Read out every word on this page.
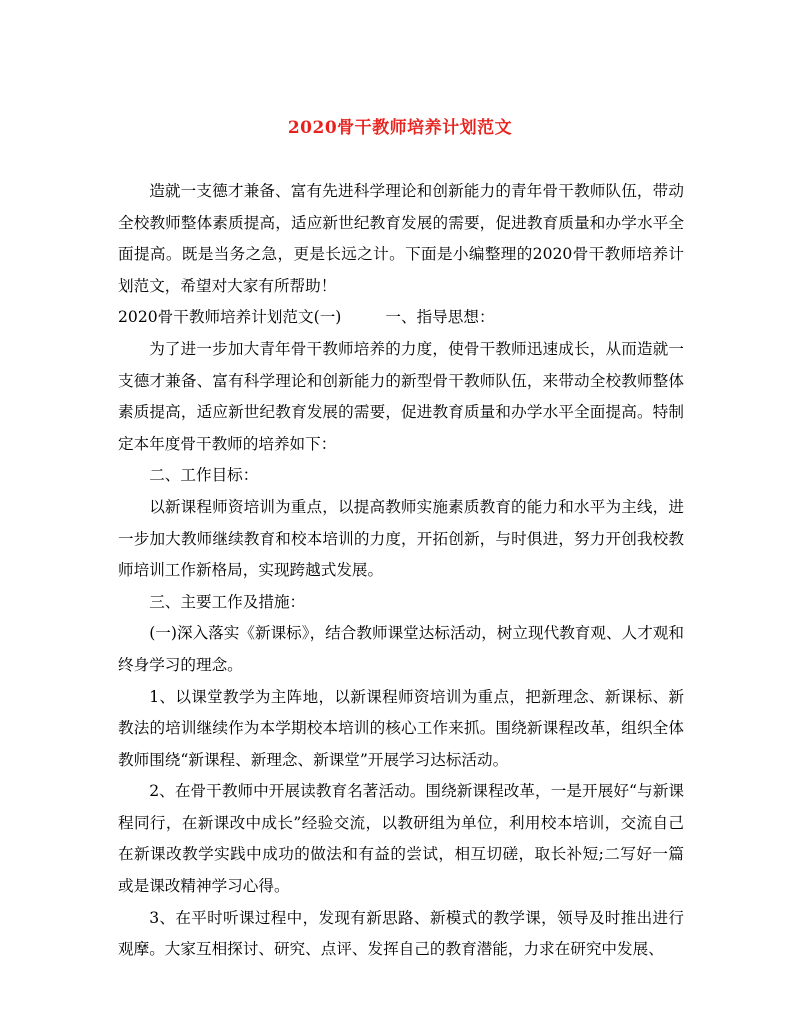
2020骨干教师培养计划范文

造就一支德才兼备、富有先进科学理论和创新能力的青年骨干教师队伍，带动全校教师整体素质提高，适应新世纪教育发展的需要，促进教育质量和办学水平全面提高。既是当务之急，更是长远之计。下面是小编整理的2020骨干教师培养计划范文，希望对大家有所帮助！

2020骨干教师培养计划范文(一)	一、指导思想：

为了进一步加大青年骨干教师培养的力度，使骨干教师迅速成长，从而造就一支德才兼备、富有科学理论和创新能力的新型骨干教师队伍，来带动全校教师整体素质提高，适应新世纪教育发展的需要，促进教育质量和办学水平全面提高。特制定本年度骨干教师的培养如下：

二、工作目标：

以新课程师资培训为重点，以提高教师实施素质教育的能力和水平为主线，进一步加大教师继续教育和校本培训的力度，开拓创新，与时俱进，努力开创我校教师培训工作新格局，实现跨越式发展。

三、主要工作及措施：

(一)深入落实《新课标》，结合教师课堂达标活动，树立现代教育观、人才观和终身学习的理念。

1、以课堂教学为主阵地，以新课程师资培训为重点，把新理念、新课标、新教法的培训继续作为本学期校本培训的核心工作来抓。围绕新课程改革，组织全体教师围绕“新课程、新理念、新课堂”开展学习达标活动。

2、在骨干教师中开展读教育名著活动。围绕新课程改革，一是开展好“与新课程同行，在新课改中成长”经验交流，以教研组为单位，利用校本培训，交流自己在新课改教学实践中成功的做法和有益的尝试，相互切磋，取长补短;二写好一篇或是课改精神学习心得。

3、在平时听课过程中，发现有新思路、新模式的教学课，领导及时推出进行观摩。大家互相探讨、研究、点评、发挥自己的教育潜能，力求在研究中发展、
